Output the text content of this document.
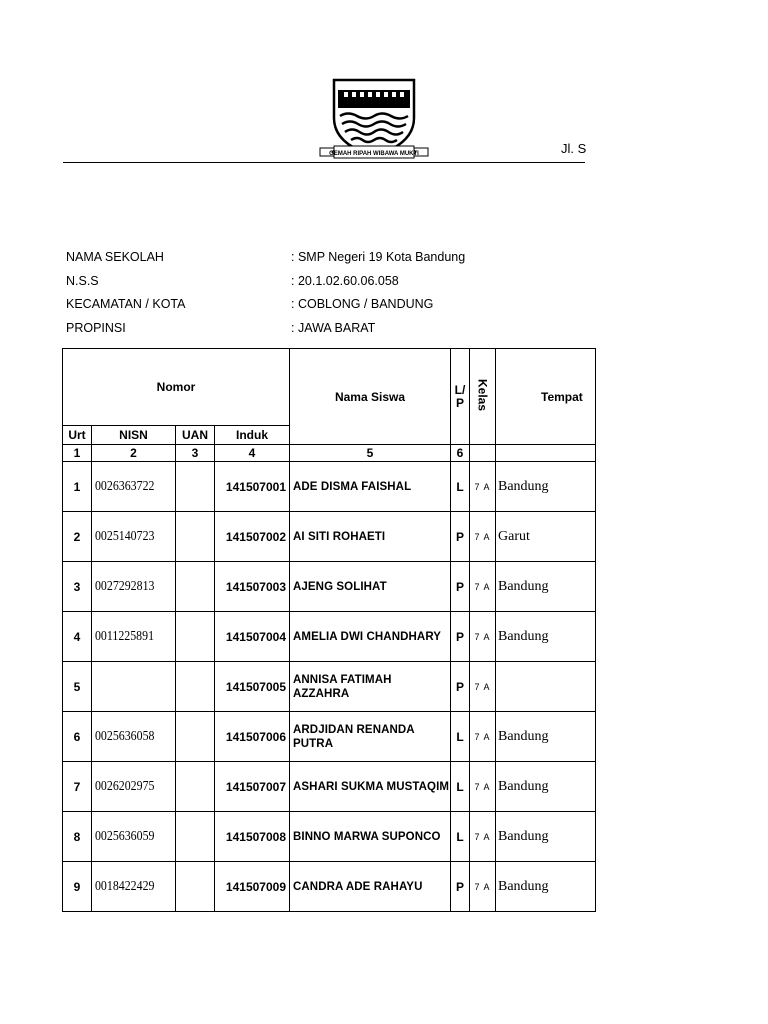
GEMAH RIPAH WIBAWA MUKTI	Jl. S
NAMA SEKOLAH	: SMP Negeri 19 Kota Bandung
N.S.S	: 20.1.02.60.06.058
KECAMATAN / KOTA	: COBLONG / BANDUNG
PROPINSI	: JAWA BARAT
Nomor				Nama Siswa	L/
P	Kelas	Tempat
Urt	NISN	UAN	Induk				
1	2	3	4	5	6		
1	0026363722		141507001	ADE DISMA FAISHAL	L	7 A	Bandung
2	0025140723		141507002	AI SITI ROHAETI	P	7 A	Garut
3	0027292813		141507003	AJENG SOLIHAT	P	7 A	Bandung
4	0011225891		141507004	AMELIA DWI CHANDHARY	P	7 A	Bandung
5			141507005	ANNISA FATIMAH AZZAHRA	P	7 A	
6	0025636058		141507006	ARDJIDAN RENANDA PUTRA	L	7 A	Bandung
7	0026202975		141507007	ASHARI SUKMA MUSTAQIM	L	7 A	Bandung
8	0025636059		141507008	BINNO MARWA SUPONCO	L	7 A	Bandung
9	0018422429		141507009	CANDRA ADE RAHAYU	P	7 A	Bandung
